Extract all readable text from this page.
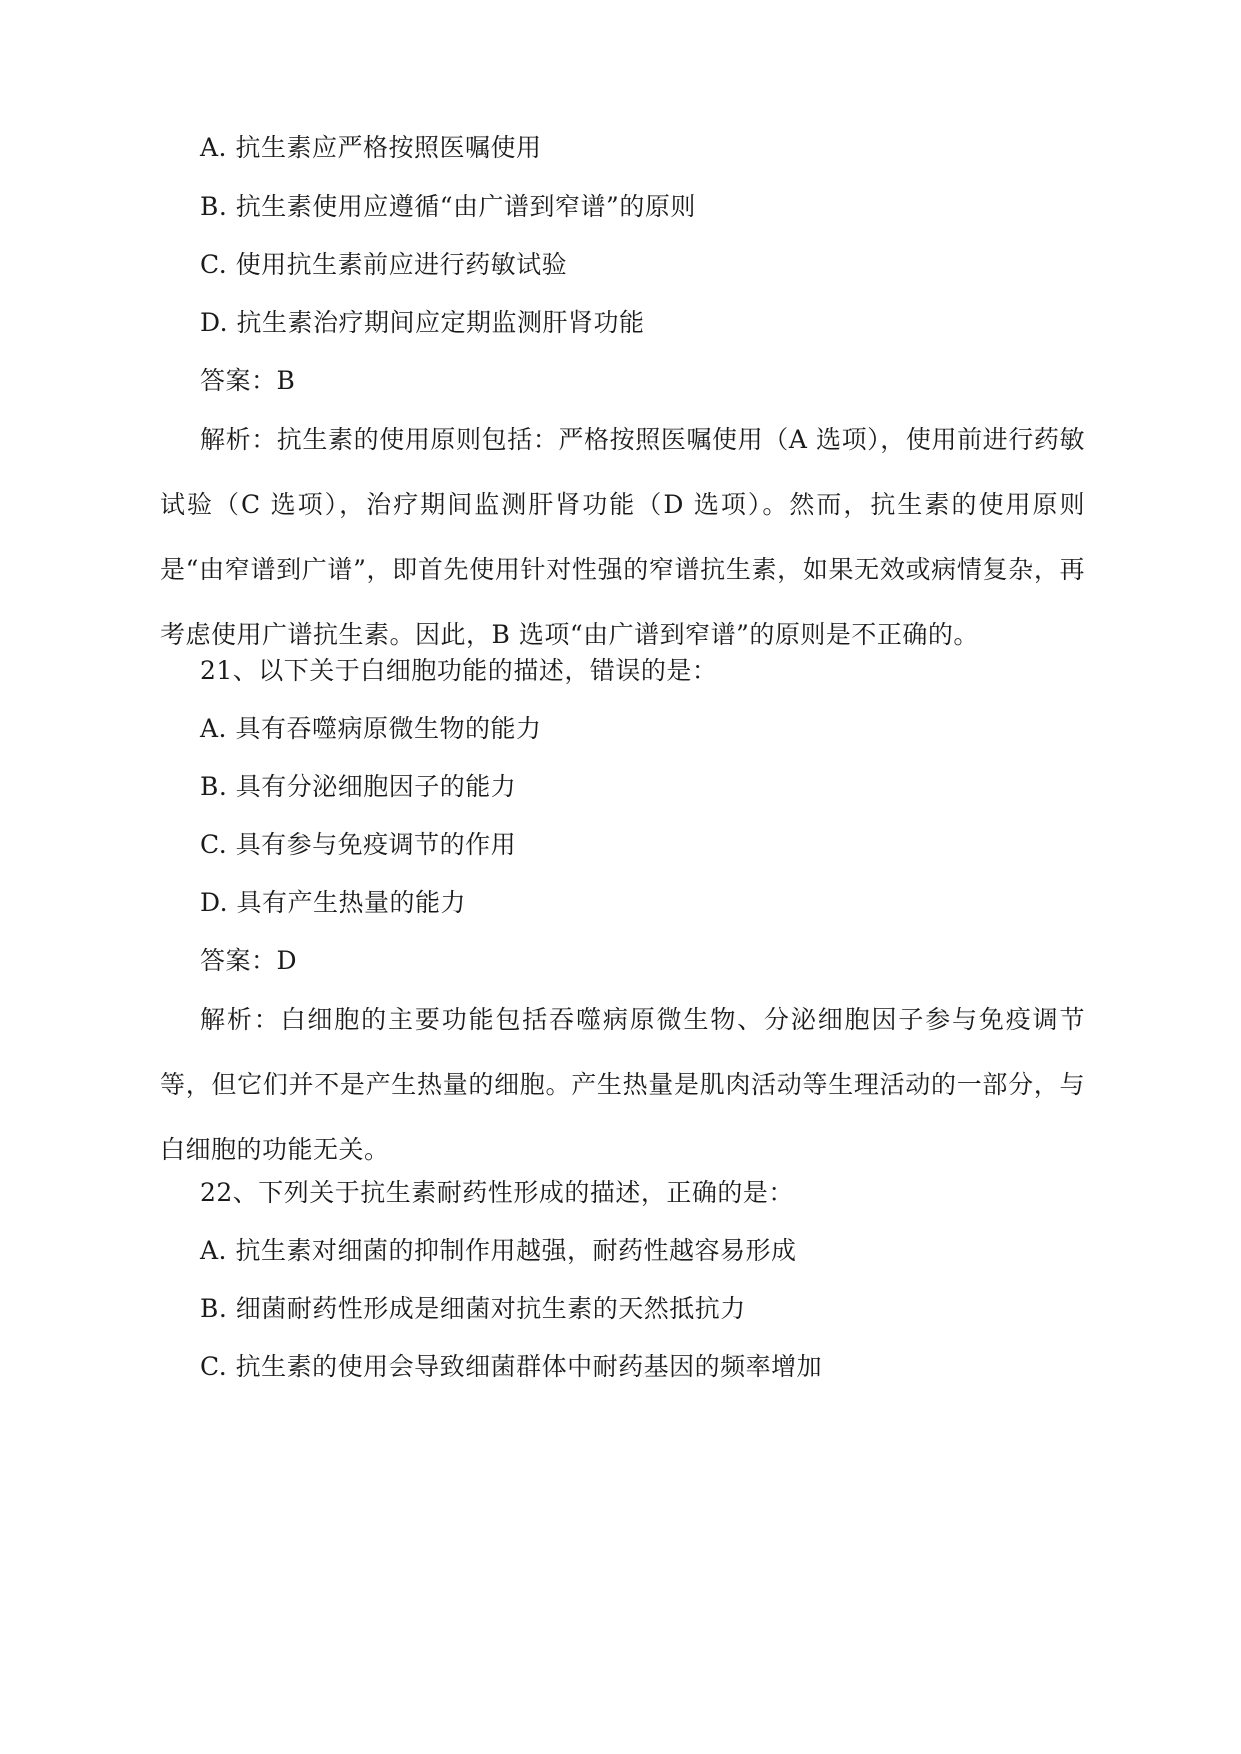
A. 抗生素应严格按照医嘱使用
B. 抗生素使用应遵循“由广谱到窄谱”的原则
C. 使用抗生素前应进行药敏试验
D. 抗生素治疗期间应定期监测肝肾功能
答案：B
解析：抗生素的使用原则包括：严格按照医嘱使用（A 选项），使用前进行药敏试验（C 选项），治疗期间监测肝肾功能（D 选项）。然而，抗生素的使用原则是“由窄谱到广谱”，即首先使用针对性强的窄谱抗生素，如果无效或病情复杂，再考虑使用广谱抗生素。因此，B 选项“由广谱到窄谱”的原则是不正确的。
21、以下关于白细胞功能的描述，错误的是：
A. 具有吞噬病原微生物的能力
B. 具有分泌细胞因子的能力
C. 具有参与免疫调节的作用
D. 具有产生热量的能力
答案：D
解析：白细胞的主要功能包括吞噬病原微生物、分泌细胞因子参与免疫调节等，但它们并不是产生热量的细胞。产生热量是肌肉活动等生理活动的一部分，与白细胞的功能无关。
22、下列关于抗生素耐药性形成的描述，正确的是：
A. 抗生素对细菌的抑制作用越强，耐药性越容易形成
B. 细菌耐药性形成是细菌对抗生素的天然抵抗力
C. 抗生素的使用会导致细菌群体中耐药基因的频率增加
